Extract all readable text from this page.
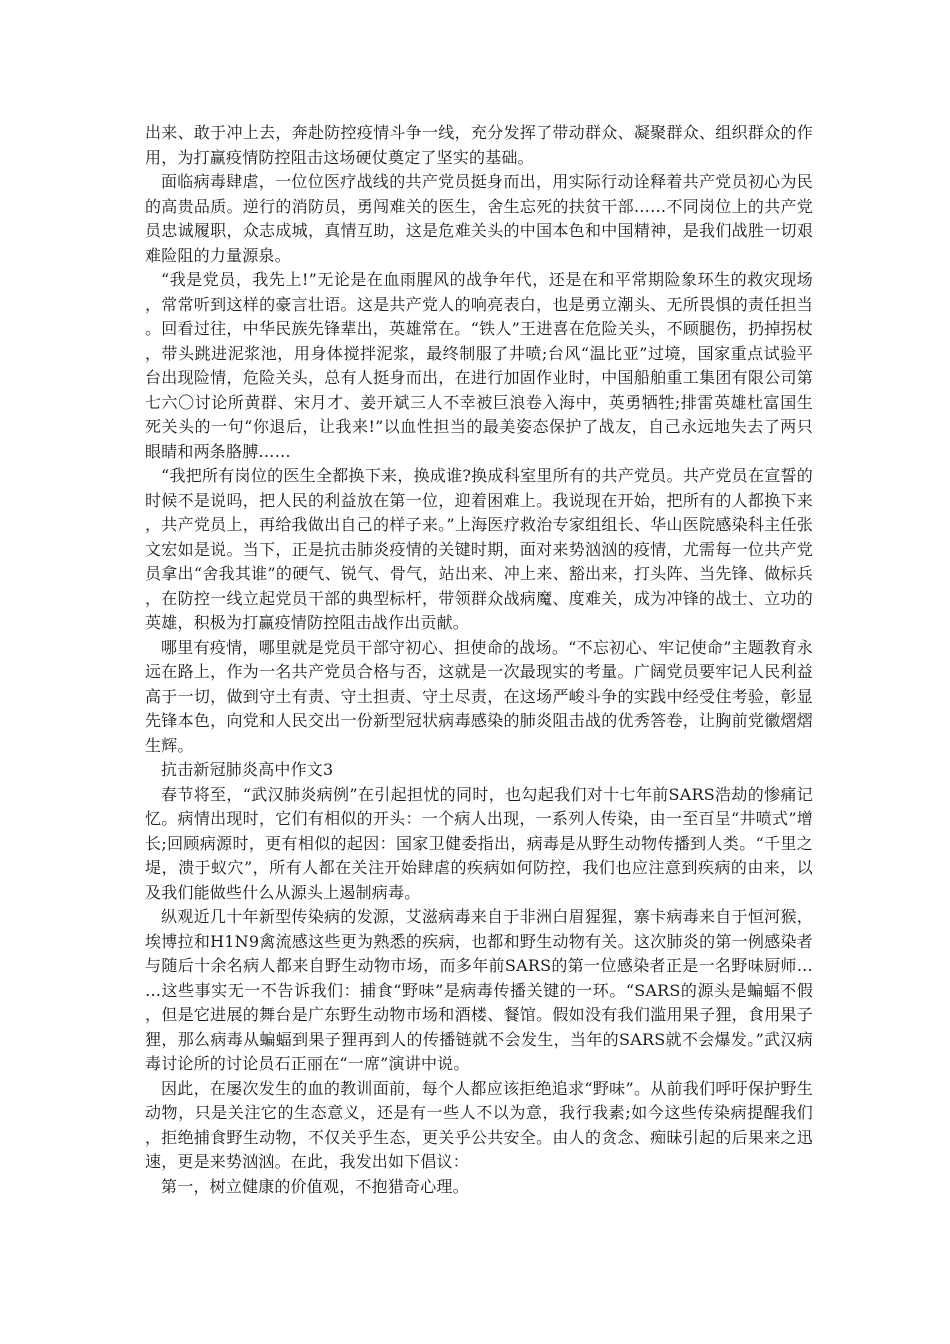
出来、敢于冲上去，奔赴防控疫情斗争一线，充分发挥了带动群众、凝聚群众、组织群众的作用，为打赢疫情防控阻击这场硬仗奠定了坚实的基础。

面临病毒肆虐，一位位医疗战线的共产党员挺身而出，用实际行动诠释着共产党员初心为民的高贵品质。逆行的消防员，勇闯难关的医生，舍生忘死的扶贫干部……不同岗位上的共产党员忠诚履职，众志成城，真情互助，这是危难关头的中国本色和中国精神，是我们战胜一切艰难险阻的力量源泉。

“我是党员，我先上!”无论是在血雨腥风的战争年代，还是在和平常期险象环生的救灾现场，常常听到这样的豪言壮语。这是共产党人的响亮表白，也是勇立潮头、无所畏惧的责任担当。回看过往，中华民族先锋辈出，英雄常在。“铁人”王进喜在危险关头，不顾腿伤，扔掉拐杖，带头跳进泥浆池，用身体搅拌泥浆，最终制服了井喷;台风“温比亚”过境，国家重点试验平台出现险情，危险关头，总有人挺身而出，在进行加固作业时，中国船舶重工集团有限公司第七六〇讨论所黄群、宋月才、姜开斌三人不幸被巨浪卷入海中，英勇牺牲;排雷英雄杜富国生死关头的一句“你退后，让我来!”以血性担当的最美姿态保护了战友，自己永远地失去了两只眼睛和两条胳膊……

“我把所有岗位的医生全都换下来，换成谁?换成科室里所有的共产党员。共产党员在宣誓的时候不是说吗，把人民的利益放在第一位，迎着困难上。我说现在开始，把所有的人都换下来，共产党员上，再给我做出自己的样子来。”上海医疗救治专家组组长、华山医院感染科主任张文宏如是说。当下，正是抗击肺炎疫情的关键时期，面对来势汹汹的疫情，尤需每一位共产党员拿出“舍我其谁”的硬气、锐气、骨气，站出来、冲上来、豁出来，打头阵、当先锋、做标兵，在防控一线立起党员干部的典型标杆，带领群众战病魔、度难关，成为冲锋的战士、立功的英雄，积极为打赢疫情防控阻击战作出贡献。

哪里有疫情，哪里就是党员干部守初心、担使命的战场。“不忘初心、牢记使命”主题教育永远在路上，作为一名共产党员合格与否，这就是一次最现实的考量。广阔党员要牢记人民利益高于一切，做到守土有责、守土担责、守土尽责，在这场严峻斗争的实践中经受住考验，彰显先锋本色，向党和人民交出一份新型冠状病毒感染的肺炎阻击战的优秀答卷，让胸前党徽熠熠生辉。

抗击新冠肺炎高中作文3

春节将至，“武汉肺炎病例”在引起担忧的同时，也勾起我们对十七年前SARS浩劫的惨痛记忆。病情出现时，它们有相似的开头：一个病人出现，一系列人传染，由一至百呈“井喷式”增长;回顾病源时，更有相似的起因：国家卫健委指出，病毒是从野生动物传播到人类。“千里之堤，溃于蚁穴”，所有人都在关注开始肆虐的疾病如何防控，我们也应注意到疾病的由来，以及我们能做些什么从源头上遏制病毒。

纵观近几十年新型传染病的发源，艾滋病毒来自于非洲白眉猩猩，寨卡病毒来自于恒河猴，埃博拉和H1N9禽流感这些更为熟悉的疾病，也都和野生动物有关。这次肺炎的第一例感染者与随后十余名病人都来自野生动物市场，而多年前SARS的第一位感染者正是一名野味厨师……这些事实无一不告诉我们：捕食“野味”是病毒传播关键的一环。“SARS的源头是蝙蝠不假，但是它进展的舞台是广东野生动物市场和酒楼、餐馆。假如没有我们滥用果子狸，食用果子狸，那么病毒从蝙蝠到果子狸再到人的传播链就不会发生，当年的SARS就不会爆发。”武汉病毒讨论所的讨论员石正丽在“一席”演讲中说。

因此，在屡次发生的血的教训面前，每个人都应该拒绝追求“野味”。从前我们呼吁保护野生动物，只是关注它的生态意义，还是有一些人不以为意，我行我素;如今这些传染病提醒我们，拒绝捕食野生动物，不仅关乎生态，更关乎公共安全。由人的贪念、痴昧引起的后果来之迅速，更是来势汹汹。在此，我发出如下倡议：

第一，树立健康的价值观，不抱猎奇心理。
